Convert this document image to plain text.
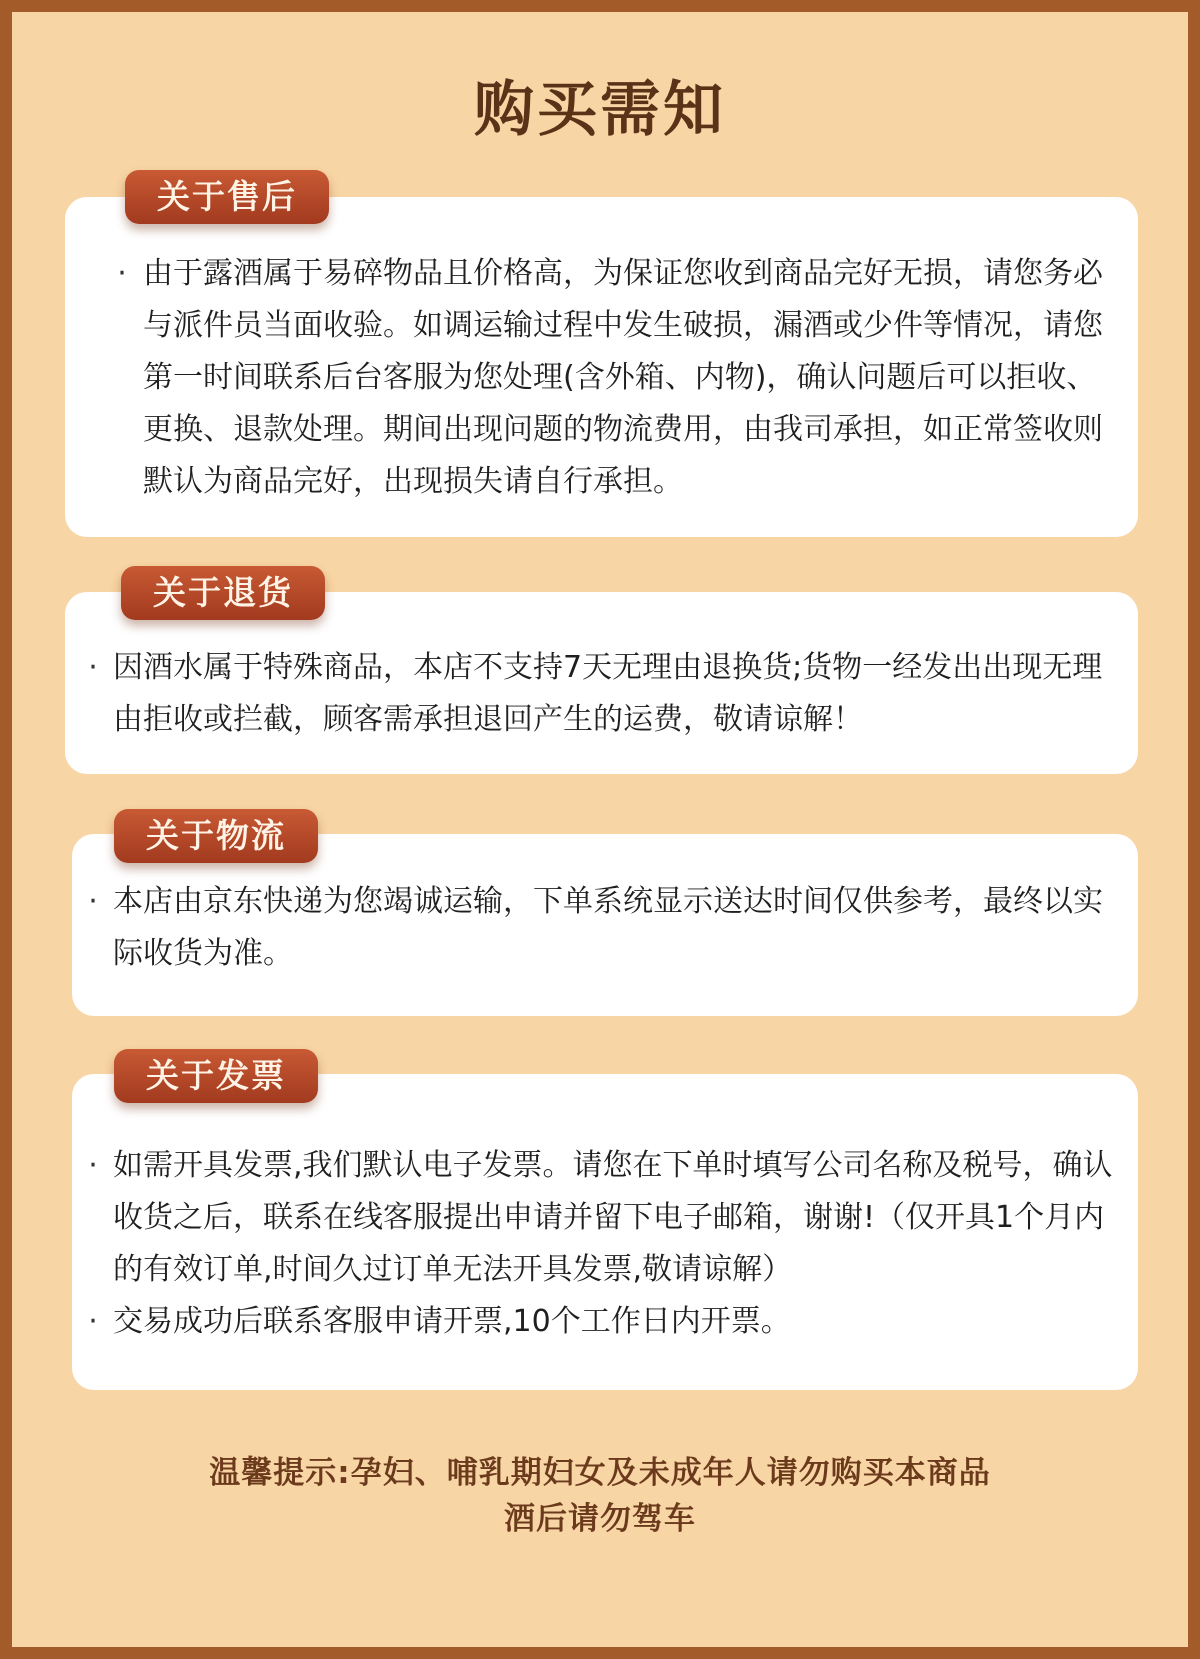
购买需知
关于售后
· 由于露酒属于易碎物品且价格高，为保证您收到商品完好无损，请您务必与派件员当面收验。如调运输过程中发生破损，漏酒或少件等情况，请您第一时间联系后台客服为您处理(含外箱、内物)，确认问题后可以拒收、更换、退款处理。期间出现问题的物流费用，由我司承担，如正常签收则默认为商品完好，出现损失请自行承担。
关于退货
· 因酒水属于特殊商品，本店不支持7天无理由退换货;货物一经发出出现无理由拒收或拦截，顾客需承担退回产生的运费，敬请谅解！
关于物流
· 本店由京东快递为您竭诚运输，下单系统显示送达时间仅供参考，最终以实际收货为准。
关于发票
· 如需开具发票,我们默认电子发票。请您在下单时填写公司名称及税号，确认收货之后，联系在线客服提出申请并留下电子邮箱，谢谢!（仅开具1个月内的有效订单,时间久过订单无法开具发票,敬请谅解）
· 交易成功后联系客服申请开票,10个工作日内开票。
温馨提示:孕妇、哺乳期妇女及未成年人请勿购买本商品
酒后请勿驾车
